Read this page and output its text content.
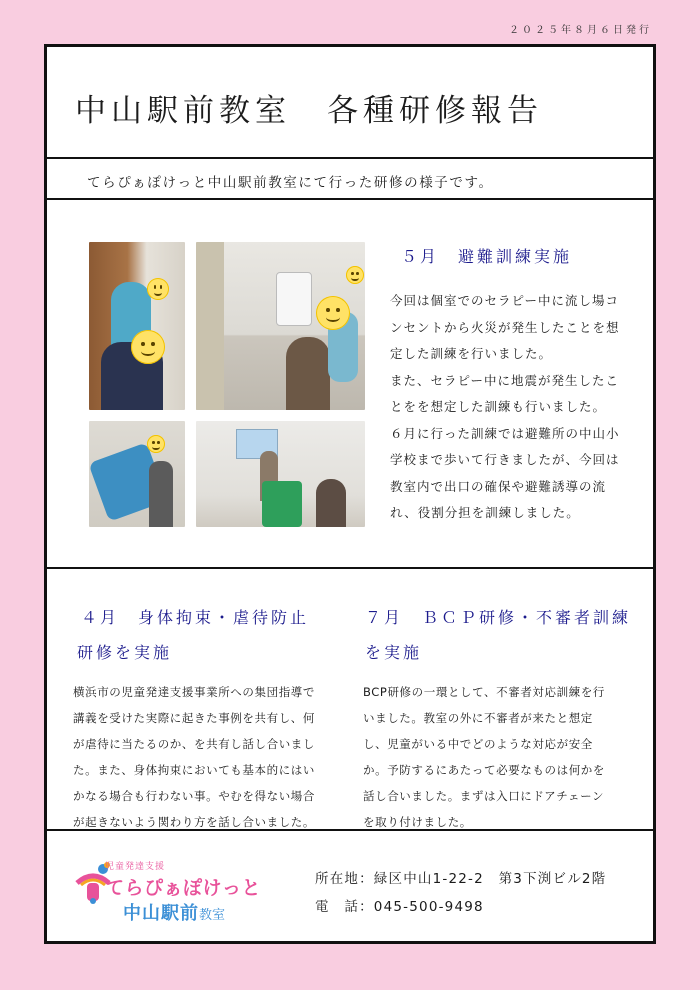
２０２５年８月６日発行
中山駅前教室　各種研修報告
てらぴぁぽけっと中山駅前教室にて行った研修の様子です。
５月　避難訓練実施
今回は個室でのセラピー中に流し場コ
ンセントから火災が発生したことを想
定した訓練を行いました。
また、セラピー中に地震が発生したこ
とをを想定した訓練も行いました。
６月に行った訓練では避難所の中山小
学校まで歩いて行きましたが、今回は
教室内で出口の確保や避難誘導の流
れ、役割分担を訓練しました。
４月　身体拘束・虐待防止
研修を実施
横浜市の児童発達支援事業所への集団指導で
講義を受けた実際に起きた事例を共有し、何
が虐待に当たるのか、を共有し話し合いまし
た。また、身体拘束においても基本的にはい
かなる場合も行わない事。やむを得ない場合
が起きないよう関わり方を話し合いました。
７月　ＢＣＰ研修・不審者訓練
を実施
BCP研修の一環として、不審者対応訓練を行
いました。教室の外に不審者が来たと想定
し、児童がいる中でどのような対応が安全
か。予防するにあたって必要なものは何かを
話し合いました。まずは入口にドアチェーン
を取り付けました。
児童発達支援
てらぴぁぽけっと
中山駅前教室
所在地：緑区中山1-22-2　第3下渕ビル2階
電　話：045-500-9498
